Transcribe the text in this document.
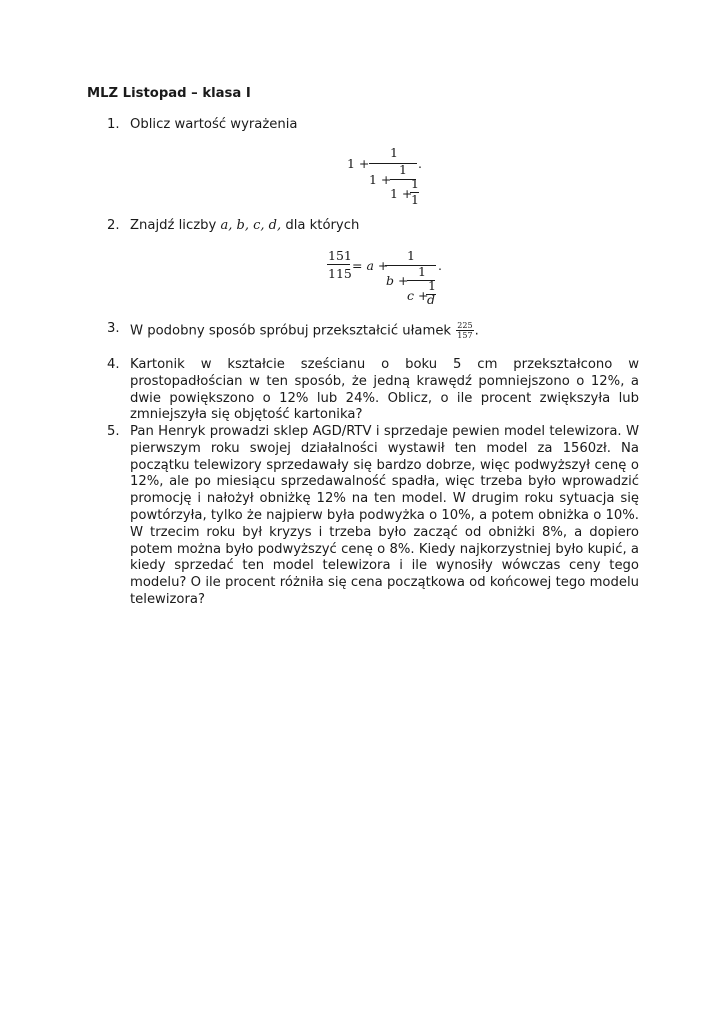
MLZ Listopad – klasa I
1. Oblicz wartość wyrażenia
1 +
1
.
1 +
1
1 +
1
1
2. Znajdź liczby a, b, c, d, dla których
151
115
= a +
1
.
b +
1
c +
1
d
3. W podobny sposób spróbuj przekształcić ułamek $\frac{225}{157}$ .
4. Kartonik w kształcie sześcianu o boku 5 cm przekształcono w prostopadłościan w ten sposób, że jedną krawędź pomniejszono o 12%, a dwie powiększono o 12% lub 24%. Oblicz, o ile procent zwiększyła lub zmniejszyła się objętość kartonika?
5. Pan Henryk prowadzi sklep AGD/RTV i sprzedaje pewien model telewizora. W pierwszym roku swojej działalności wystawił ten model za 1560zł. Na początku telewizory sprzedawały się bardzo dobrze, więc podwyższył cenę o 12%, ale po miesiącu sprzedawalność spadła, więc trzeba było wprowadzić promocję i nałożył obniżkę 12% na ten model. W drugim roku sytuacja się powtórzyła, tylko że najpierw była podwyżka o 10%, a potem obniżka o 10%. W trzecim roku był kryzys i trzeba było zacząć od obniżki 8%, a dopiero potem można było podwyższyć cenę o 8%. Kiedy najkorzystniej było kupić, a kiedy sprzedać ten model telewizora i ile wynosiły wówczas ceny tego modelu? O ile procent różniła się cena początkowa od końcowej tego modelu telewizora?
